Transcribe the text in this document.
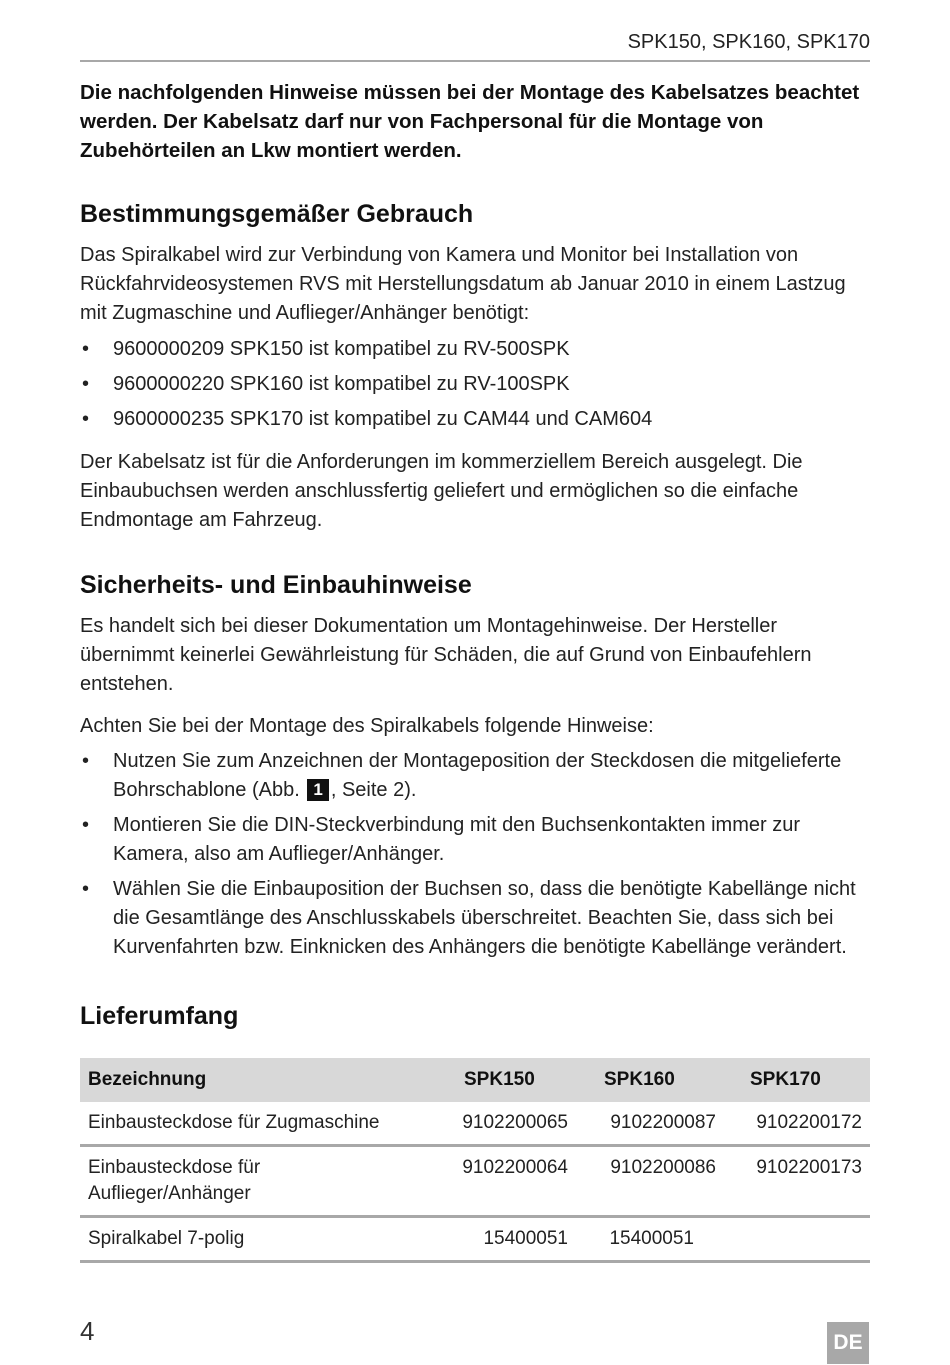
SPK150, SPK160, SPK170

Die nachfolgenden Hinweise müssen bei der Montage des Kabelsatzes beachtet werden. Der Kabelsatz darf nur von Fachpersonal für die Montage von Zubehörteilen an Lkw montiert werden.

Bestimmungsgemäßer Gebrauch

Das Spiralkabel wird zur Verbindung von Kamera und Monitor bei Installation von Rückfahrvideosystemen RVS mit Herstellungsdatum ab Januar 2010 in einem Lastzug mit Zugmaschine und Auflieger/Anhänger benötigt:

• 9600000209 SPK150 ist kompatibel zu RV-500SPK
• 9600000220 SPK160 ist kompatibel zu RV-100SPK
• 9600000235 SPK170 ist kompatibel zu CAM44 und CAM604

Der Kabelsatz ist für die Anforderungen im kommerziellem Bereich ausgelegt. Die Einbaubuchsen werden anschlussfertig geliefert und ermöglichen so die einfache Endmontage am Fahrzeug.

Sicherheits- und Einbauhinweise

Es handelt sich bei dieser Dokumentation um Montagehinweise. Der Hersteller übernimmt keinerlei Gewährleistung für Schäden, die auf Grund von Einbaufehlern entstehen.

Achten Sie bei der Montage des Spiralkabels folgende Hinweise:

• Nutzen Sie zum Anzeichnen der Montageposition der Steckdosen die mitgelieferte Bohrschablone (Abb. 1 , Seite 2).
• Montieren Sie die DIN-Steckverbindung mit den Buchsenkontakten immer zur Kamera, also am Auflieger/Anhänger.
• Wählen Sie die Einbauposition der Buchsen so, dass die benötigte Kabellänge nicht die Gesamtlänge des Anschlusskabels überschreitet. Beachten Sie, dass sich bei Kurvenfahrten bzw. Einknicken des Anhängers die benötigte Kabellänge verändert.
Lieferumfang
Bezeichnung	SPK150	SPK160	SPK170
Einbausteckdose für Zugmaschine	9102200065	9102200087	9102200172
Einbausteckdose für Auflieger/Anhänger	9102200064	9102200086	9102200173
Spiralkabel 7-polig	15400051	15400051	
4	DE
